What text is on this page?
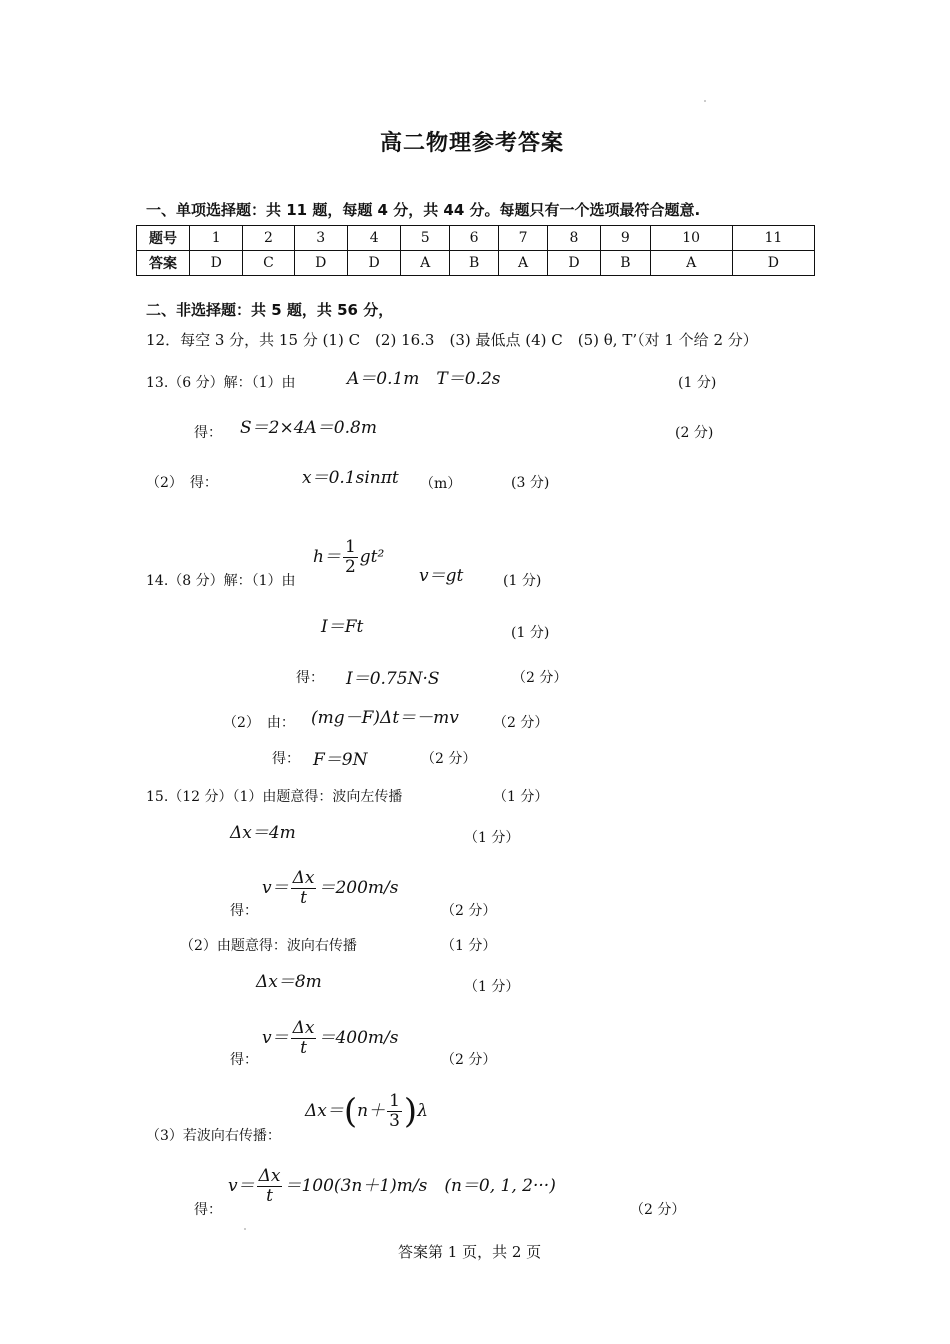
高二物理参考答案
一、单项选择题：共 11 题，每题 4 分，共 44 分。每题只有一个选项最符合题意.
题号	1	2	3	4	5	6	7	8	9	10	11
答案	D	C	D	D	A	B	A	D	B	A	D
二、非选择题：共 5 题，共 56 分，
12．每空 3 分，共 15 分 (1) C　(2) 16.3　(3) 最低点 (4) C　(5) θ, T’（对 1 个给 2 分）
13.（6 分）解：（1）由	A＝0.1m　T＝0.2s	(1 分)
得： S＝2×4A＝0.8m	(2 分)
（2）　得：	x＝0.1sinπt （m）	(3 分)
14.（8 分）解：（1）由
$h= \frac{1}{2} gt^2$
v＝gt	(1 分)
I＝Ft	(1 分)
得： I＝0.75N·S	（2 分）
（2）　由： (mg－F)Δt＝－mv （2 分）
得： F＝9N	（2 分）
15.（12 分）（1）由题意得：波向左传播	（1 分）
Δx＝4m	（1 分）
$v= \frac{\Delta x}{t} =200m/s$
得：	（2 分）
（2）由题意得：波向右传播	（1 分）
Δx＝8m	（1 分）
$v= \frac{\Delta x}{t} =400m/s$
得：	（2 分）
$\Delta x=(n+ \frac{1}{3} )\lambda$
（3）若波向右传播：
$v= \frac{\Delta x}{t} =100(3n+1)m/s$　(n＝0, 1, 2···)
得：	（2 分）
答案第 1 页，共 2 页
